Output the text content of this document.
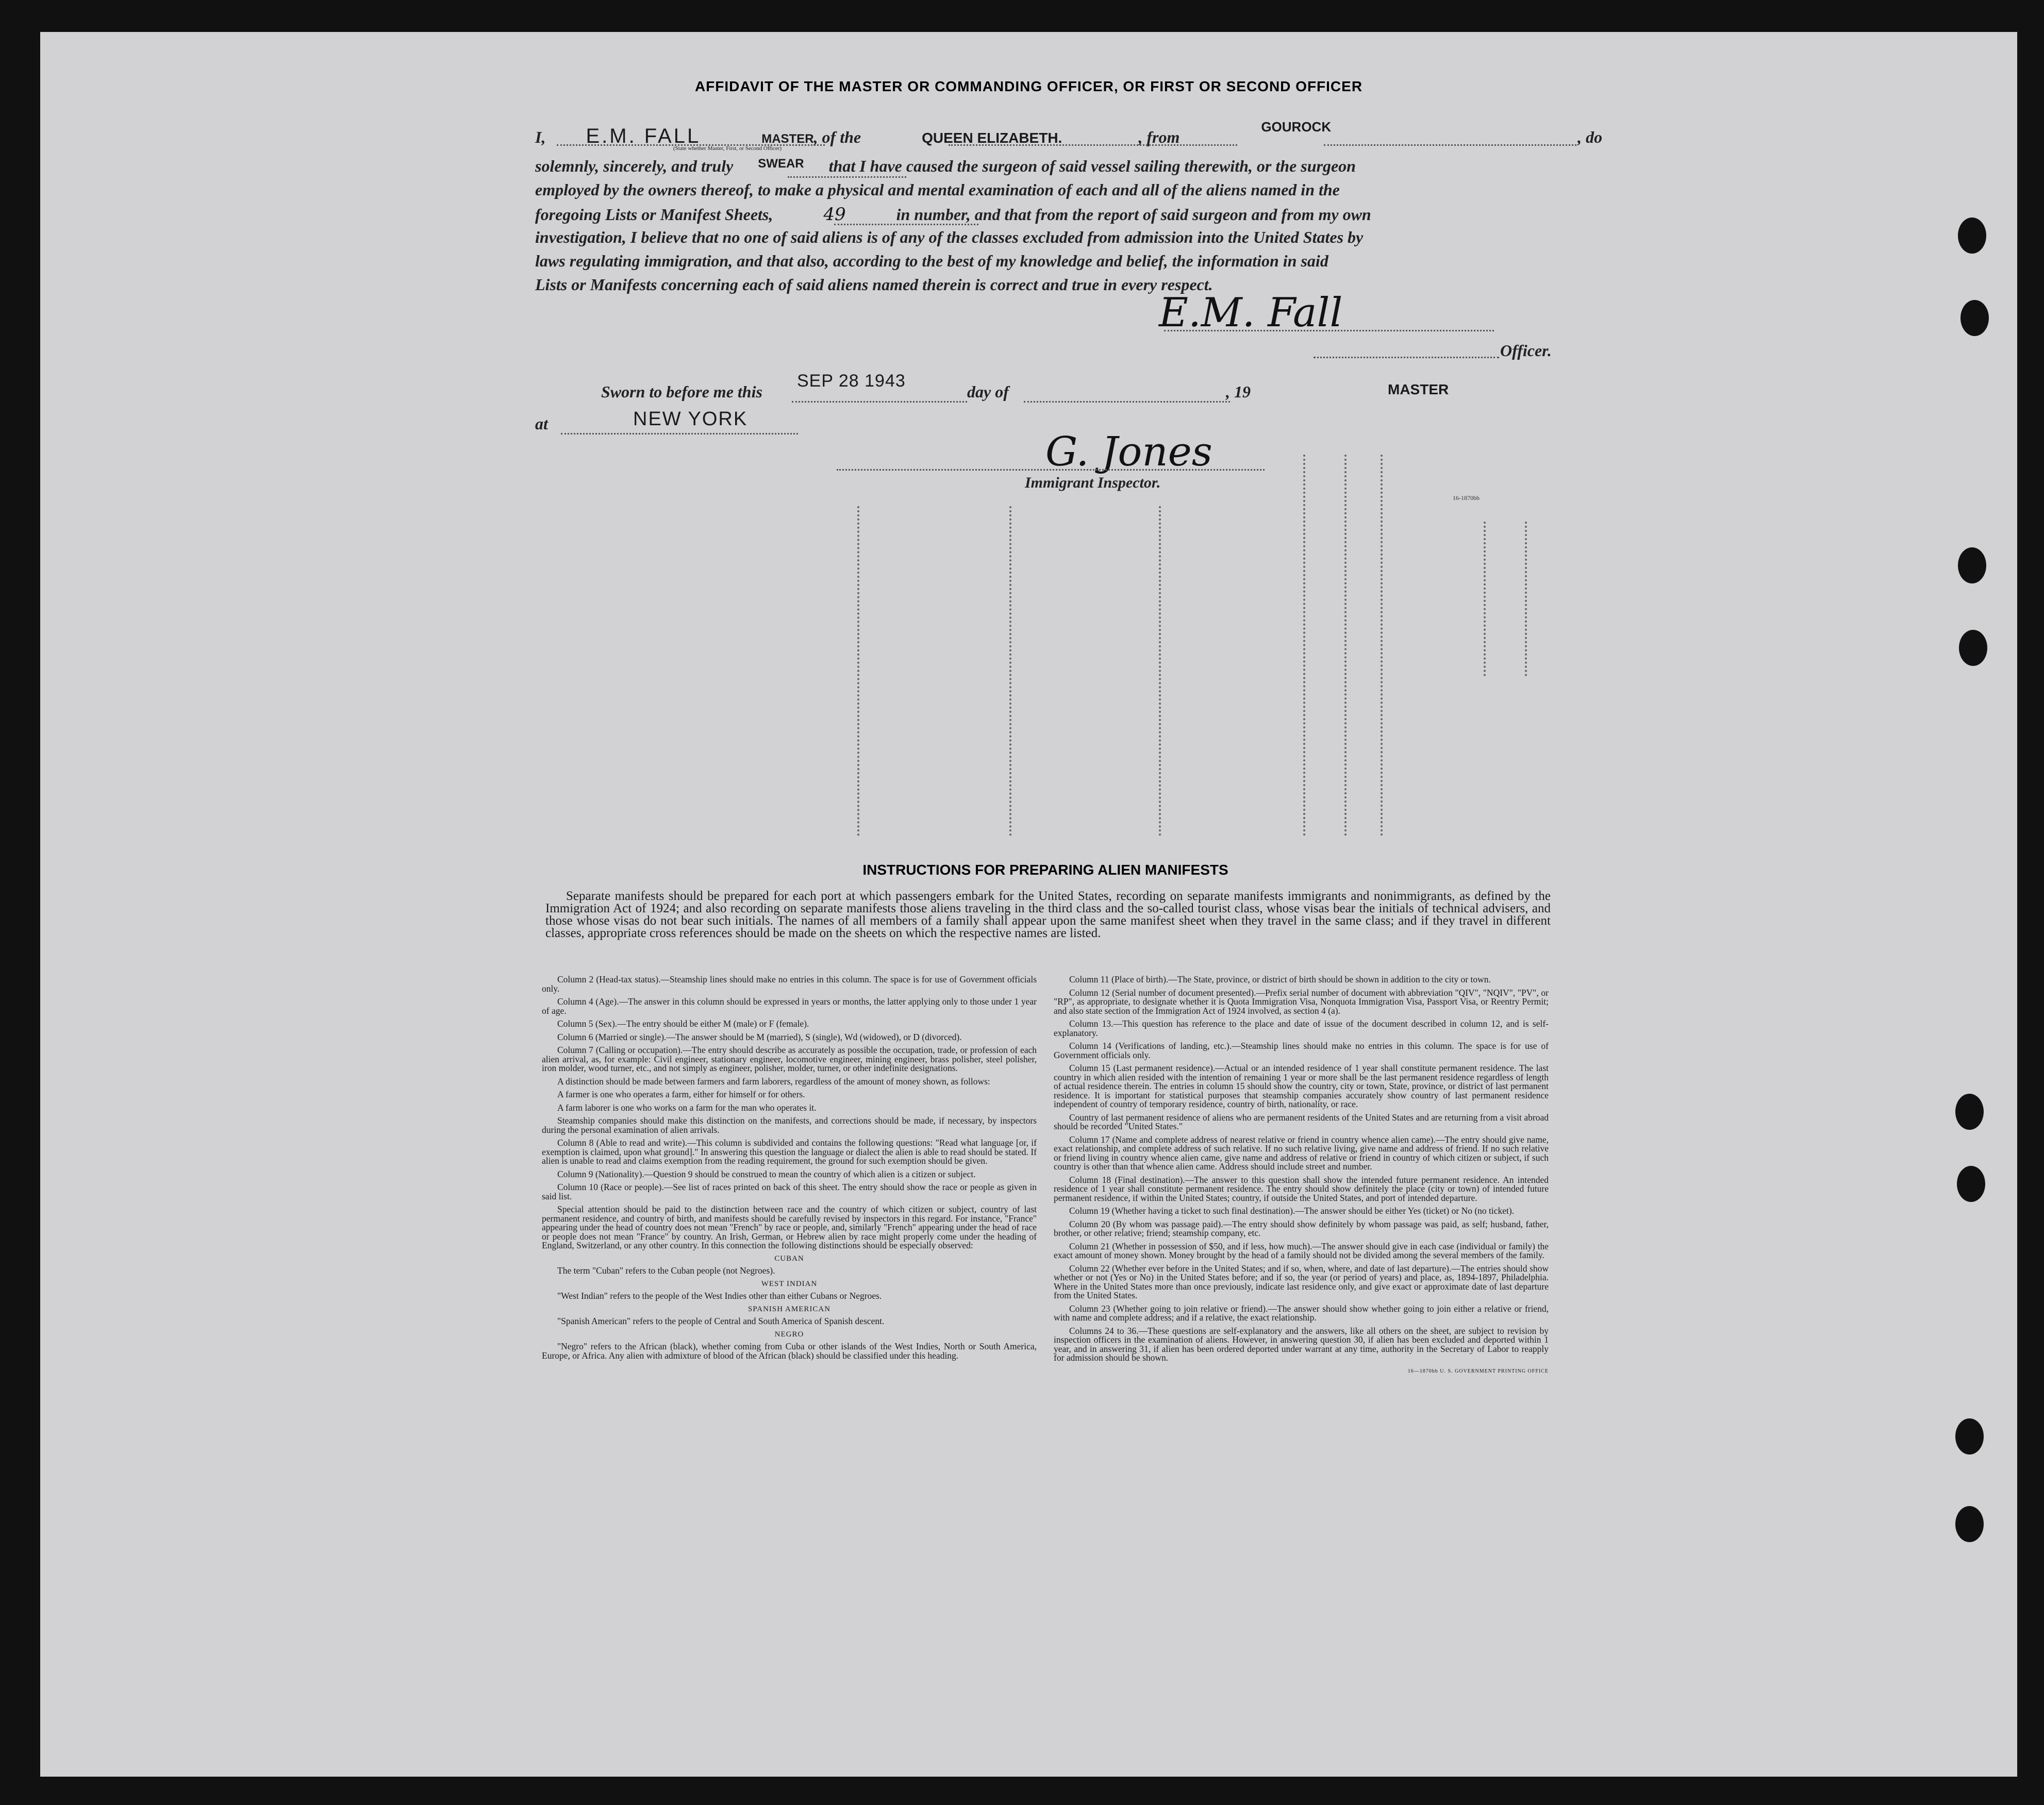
AFFIDAVIT OF THE MASTER OR COMMANDING OFFICER, OR FIRST OR SECOND OFFICER
I, E.M. FALL	MASTER, of the	QUEEN ELIZABETH.	, from $^{GOUROCK}$ , do
(State whether Master, First, or Second Officer)
solemnly, sincerely, and truly $^{SWEAR}$ that I have caused the surgeon of said vessel sailing therewith, or the surgeon
employed by the owners thereof, to make a physical and mental examination of each and all of the aliens named in the
foregoing Lists or Manifest Sheets,	49	in number, and that from the report of said surgeon and from my own
investigation, I believe that no one of said aliens is of any of the classes excluded from admission into the United States by
laws regulating immigration, and that also, according to the best of my knowledge and belief, the information in said
Lists or Manifests concerning each of said aliens named therein is correct and true in every respect.
E.M. Fall
Officer.
Sworn to before me this
SEP 28 1943
day of	, 19	MASTER
at	NEW YORK
G. Jones
Immigrant Inspector.
16-1870bb
INSTRUCTIONS FOR PREPARING ALIEN MANIFESTS
Separate manifests should be prepared for each port at which passengers embark for the United States, recording on separate manifests immigrants and nonimmigrants, as defined by the Immigration Act of 1924; and also recording on separate manifests those aliens traveling in the third class and the so-called tourist class, whose visas bear the initials of technical advisers, and those whose visas do not bear such initials. The names of all members of a family shall appear upon the same manifest sheet when they travel in the same class; and if they travel in different classes, appropriate cross references should be made on the sheets on which the respective names are listed.

Column 2 (Head-tax status).—Steamship lines should make no entries in this column. The space is for use of Government officials only.

Column 4 (Age).—The answer in this column should be expressed in years or months, the latter applying only to those under 1 year of age.

Column 5 (Sex).—The entry should be either M (male) or F (female).

Column 6 (Married or single).—The answer should be M (married), S (single), Wd (widowed), or D (divorced).

Column 7 (Calling or occupation).—The entry should describe as accurately as possible the occupation, trade, or profession of each alien arrival, as, for example: Civil engineer, stationary engineer, locomotive engineer, mining engineer, brass polisher, steel polisher, iron molder, wood turner, etc., and not simply as engineer, polisher, molder, turner, or other indefinite designations.

A distinction should be made between farmers and farm laborers, regardless of the amount of money shown, as follows:

A farmer is one who operates a farm, either for himself or for others.

A farm laborer is one who works on a farm for the man who operates it.

Steamship companies should make this distinction on the manifests, and corrections should be made, if necessary, by inspectors during the personal examination of alien arrivals.

Column 8 (Able to read and write).—This column is subdivided and contains the following questions: "Read what language [or, if exemption is claimed, upon what ground]." In answering this question the language or dialect the alien is able to read should be stated. If alien is unable to read and claims exemption from the reading requirement, the ground for such exemption should be given.

Column 9 (Nationality).—Question 9 should be construed to mean the country of which alien is a citizen or subject.

Column 10 (Race or people).—See list of races printed on back of this sheet. The entry should show the race or people as given in said list.

Special attention should be paid to the distinction between race and the country of which citizen or subject, country of last permanent residence, and country of birth, and manifests should be carefully revised by inspectors in this regard. For instance, "France" appearing under the head of country does not mean "French" by race or people, and, similarly "French" appearing under the head of race or people does not mean "France" by country. An Irish, German, or Hebrew alien by race might properly come under the heading of England, Switzerland, or any other country. In this connection the following distinctions should be especially observed:

CUBAN

The term "Cuban" refers to the Cuban people (not Negroes).

WEST INDIAN

"West Indian" refers to the people of the West Indies other than either Cubans or Negroes.

SPANISH AMERICAN

"Spanish American" refers to the people of Central and South America of Spanish descent.

NEGRO

"Negro" refers to the African (black), whether coming from Cuba or other islands of the West Indies, North or South America, Europe, or Africa. Any alien with admixture of blood of the African (black) should be classified under this heading.

Column 11 (Place of birth).—The State, province, or district of birth should be shown in addition to the city or town.

Column 12 (Serial number of document presented).—Prefix serial number of document with abbreviation "QIV", "NQIV", "PV", or "RP", as appropriate, to designate whether it is Quota Immigration Visa, Nonquota Immigration Visa, Passport Visa, or Reentry Permit; and also state section of the Immigration Act of 1924 involved, as section 4 (a).

Column 13.—This question has reference to the place and date of issue of the document described in column 12, and is self-explanatory.

Column 14 (Verifications of landing, etc.).—Steamship lines should make no entries in this column. The space is for use of Government officials only.

Column 15 (Last permanent residence).—Actual or an intended residence of 1 year shall constitute permanent residence. The last country in which alien resided with the intention of remaining 1 year or more shall be the last permanent residence regardless of length of actual residence therein. The entries in column 15 should show the country, city or town, State, province, or district of last permanent residence. It is important for statistical purposes that steamship companies accurately show country of last permanent residence independent of country of temporary residence, country of birth, nationality, or race.

Country of last permanent residence of aliens who are permanent residents of the United States and are returning from a visit abroad should be recorded "United States."

Column 17 (Name and complete address of nearest relative or friend in country whence alien came).—The entry should give name, exact relationship, and complete address of such relative. If no such relative living, give name and address of friend. If no such relative or friend living in country whence alien came, give name and address of relative or friend in country of which citizen or subject, if such country is other than that whence alien came. Address should include street and number.

Column 18 (Final destination).—The answer to this question shall show the intended future permanent residence. An intended residence of 1 year shall constitute permanent residence. The entry should show definitely the place (city or town) of intended future permanent residence, if within the United States; country, if outside the United States, and port of intended departure.

Column 19 (Whether having a ticket to such final destination).—The answer should be either Yes (ticket) or No (no ticket).

Column 20 (By whom was passage paid).—The entry should show definitely by whom passage was paid, as self; husband, father, brother, or other relative; friend; steamship company, etc.

Column 21 (Whether in possession of $50, and if less, how much).—The answer should give in each case (individual or family) the exact amount of money shown. Money brought by the head of a family should not be divided among the several members of the family.

Column 22 (Whether ever before in the United States; and if so, when, where, and date of last departure).—The entries should show whether or not (Yes or No) in the United States before; and if so, the year (or period of years) and place, as, 1894-1897, Philadelphia. Where in the United States more than once previously, indicate last residence only, and give exact or approximate date of last departure from the United States.

Column 23 (Whether going to join relative or friend).—The answer should show whether going to join either a relative or friend, with name and complete address; and if a relative, the exact relationship.

Columns 24 to 36.—These questions are self-explanatory and the answers, like all others on the sheet, are subject to revision by inspection officers in the examination of aliens. However, in answering question 30, if alien has been excluded and deported within 1 year, and in answering 31, if alien has been ordered deported under warrant at any time, authority in the Secretary of Labor to reapply for admission should be shown.

16—1870bb U. S. GOVERNMENT PRINTING OFFICE
